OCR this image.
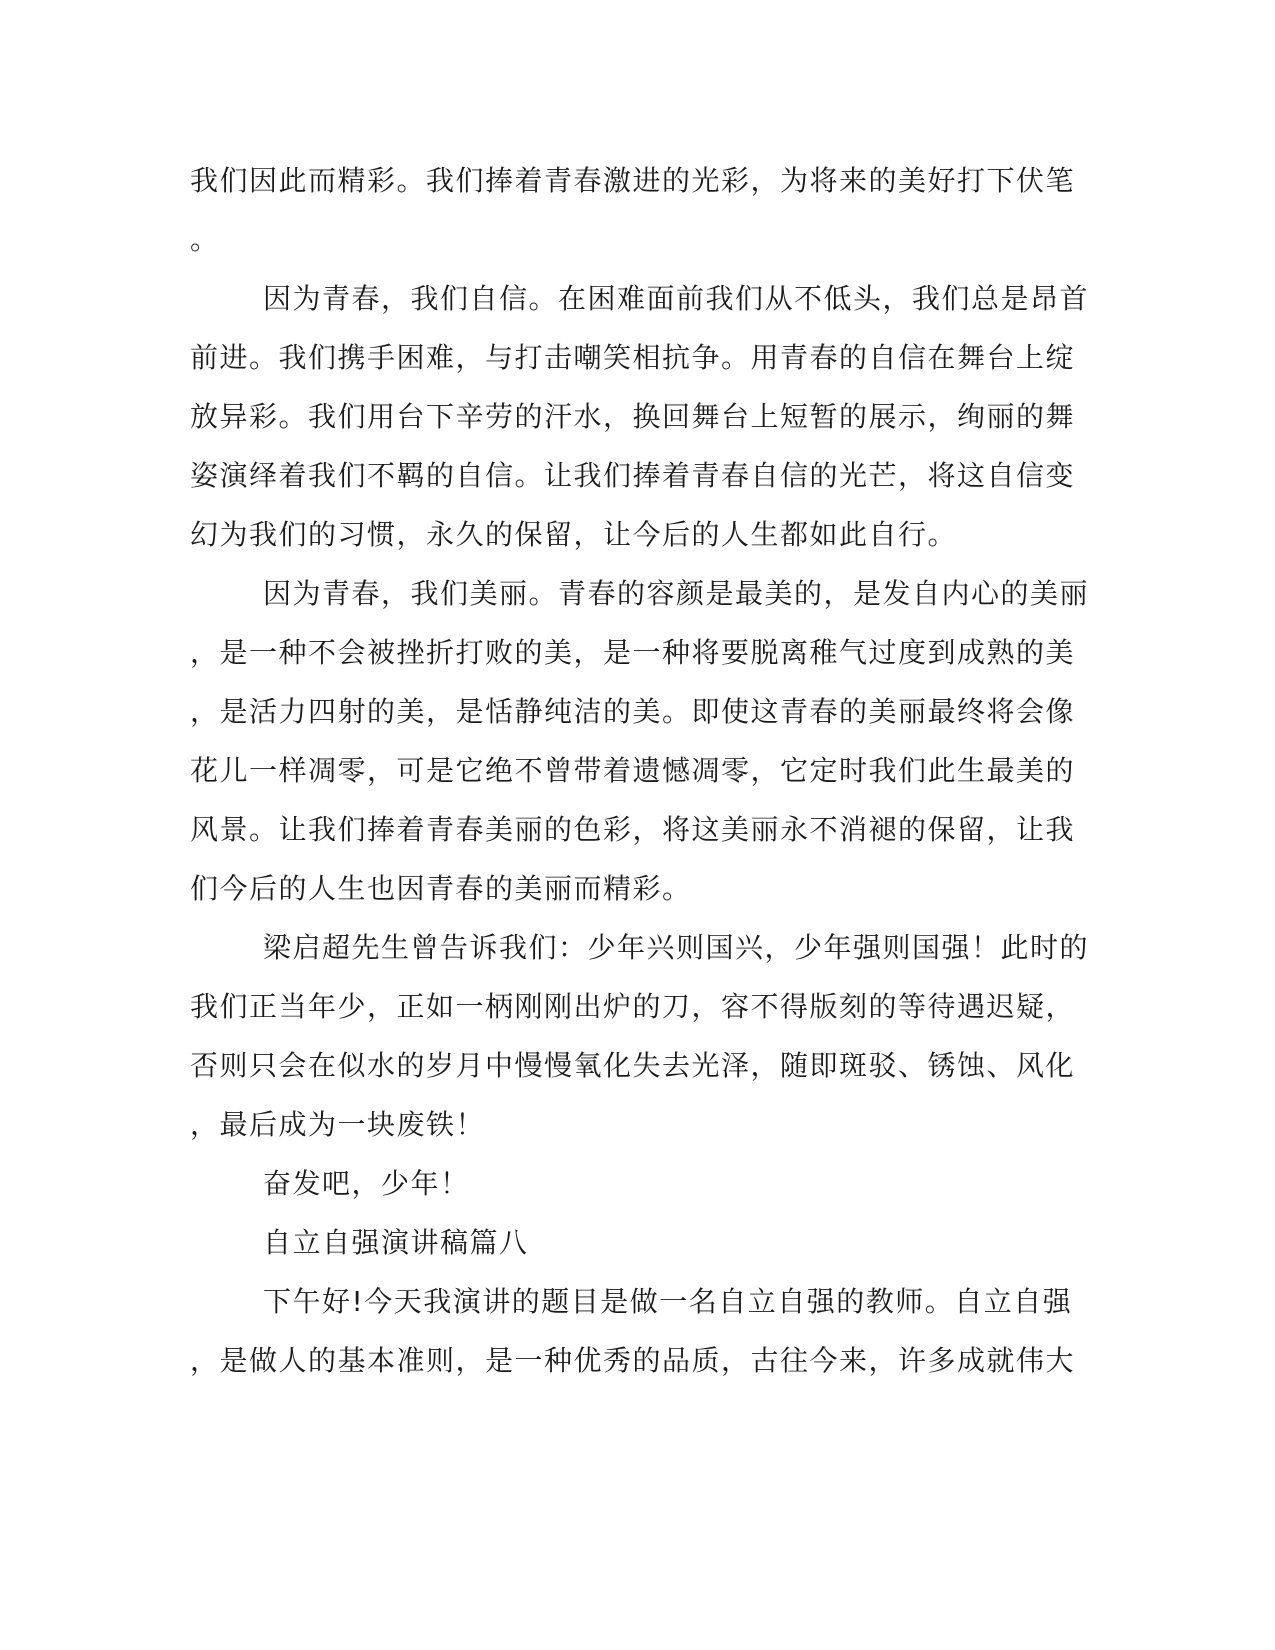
我们因此而精彩。我们捧着青春激进的光彩，为将来的美好打下伏笔

。

因为青春，我们自信。在困难面前我们从不低头，我们总是昂首

前进。我们携手困难，与打击嘲笑相抗争。用青春的自信在舞台上绽

放异彩。我们用台下辛劳的汗水，换回舞台上短暂的展示，绚丽的舞

姿演绎着我们不羁的自信。让我们捧着青春自信的光芒，将这自信变

幻为我们的习惯，永久的保留，让今后的人生都如此自行。

因为青春，我们美丽。青春的容颜是最美的，是发自内心的美丽

，是一种不会被挫折打败的美，是一种将要脱离稚气过度到成熟的美

，是活力四射的美，是恬静纯洁的美。即使这青春的美丽最终将会像

花儿一样凋零，可是它绝不曾带着遗憾凋零，它定时我们此生最美的

风景。让我们捧着青春美丽的色彩，将这美丽永不消褪的保留，让我

们今后的人生也因青春的美丽而精彩。

梁启超先生曾告诉我们：少年兴则国兴，少年强则国强！此时的

我们正当年少，正如一柄刚刚出炉的刀，容不得版刻的等待遇迟疑，

否则只会在似水的岁月中慢慢氧化失去光泽，随即斑驳、锈蚀、风化

，最后成为一块废铁！

奋发吧，少年！

自立自强演讲稿篇八

下午好!今天我演讲的题目是做一名自立自强的教师。自立自强

，是做人的基本准则，是一种优秀的品质，古往今来，许多成就伟大
